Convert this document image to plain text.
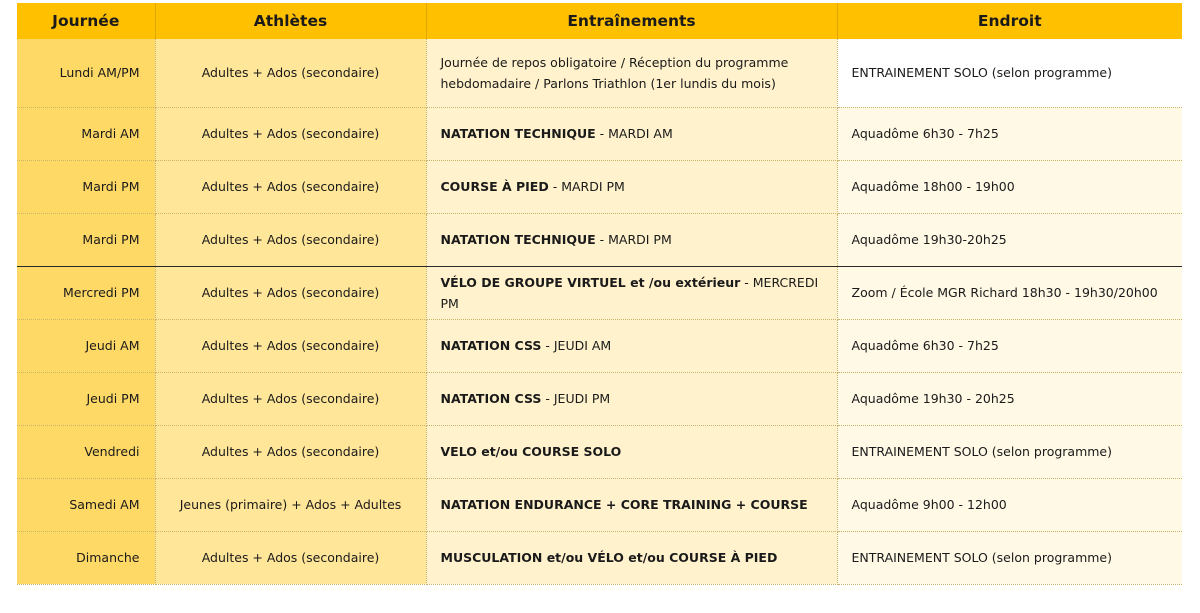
Journée	Athlètes	Entraînements	Endroit
Lundi AM/PM	Adultes + Ados (secondaire)	Journée de repos obligatoire / Réception du programme hebdomadaire / Parlons Triathlon (1er lundis du mois)	ENTRAINEMENT SOLO (selon programme)
Mardi AM	Adultes + Ados (secondaire)	NATATION TECHNIQUE - MARDI AM	Aquadôme 6h30 - 7h25
Mardi PM	Adultes + Ados (secondaire)	COURSE À PIED - MARDI PM	Aquadôme 18h00 - 19h00
Mardi PM	Adultes + Ados (secondaire)	NATATION TECHNIQUE - MARDI PM	Aquadôme 19h30-20h25
Mercredi PM	Adultes + Ados (secondaire)	VÉLO DE GROUPE VIRTUEL et /ou extérieur - MERCREDI PM	Zoom / École MGR Richard 18h30 - 19h30/20h00
Jeudi AM	Adultes + Ados (secondaire)	NATATION CSS - JEUDI AM	Aquadôme 6h30 - 7h25
Jeudi PM	Adultes + Ados (secondaire)	NATATION CSS - JEUDI PM	Aquadôme 19h30 - 20h25
Vendredi	Adultes + Ados (secondaire)	VELO et/ou COURSE SOLO	ENTRAINEMENT SOLO (selon programme)
Samedi AM	Jeunes (primaire) + Ados + Adultes	NATATION ENDURANCE + CORE TRAINING + COURSE	Aquadôme 9h00 - 12h00
Dimanche	Adultes + Ados (secondaire)	MUSCULATION et/ou VÉLO et/ou COURSE À PIED	ENTRAINEMENT SOLO (selon programme)
